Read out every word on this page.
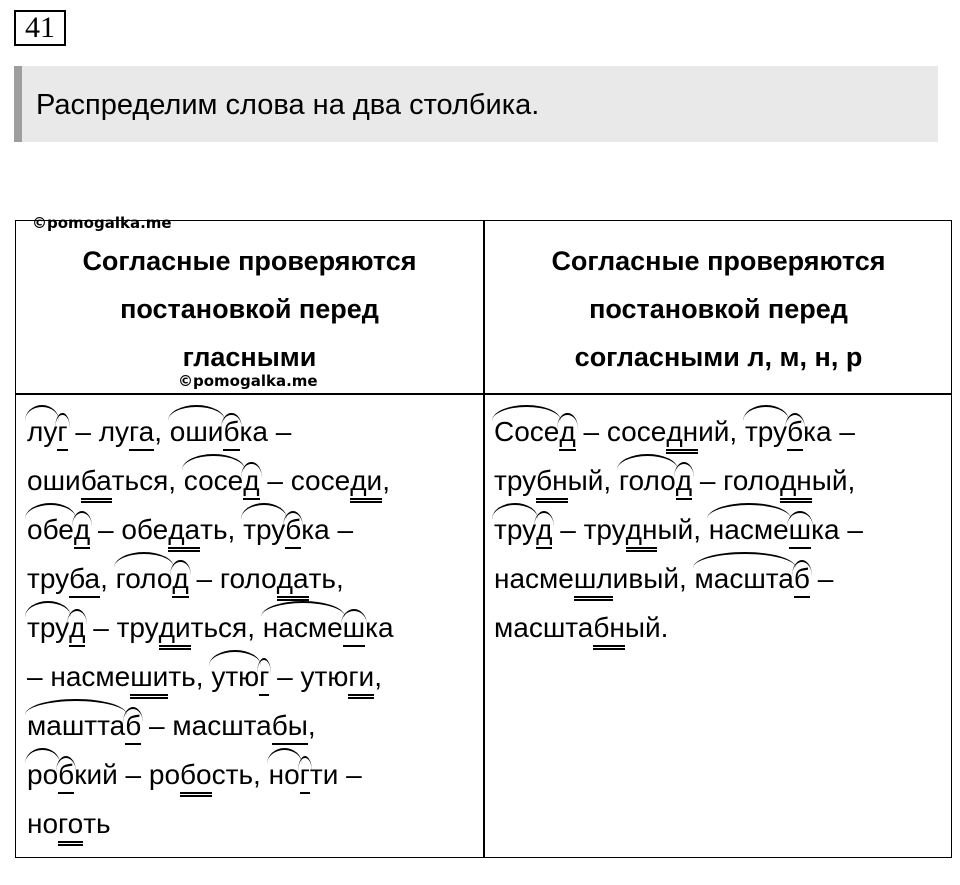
41
Распределим слова на два столбика.
©pomogalka.me
©pomogalka.me
Согласные проверяются
постановкой перед
гласными
Согласные проверяются
постановкой перед
согласными л, м, н, р
луг – луга, ошибка –
ошибаться, сосед – соседи,
обед – обедать, трубка –
труба, голод – голодать,
труд – трудиться, насмешка
– насмешить, утюг – утюги,
машттаб – масштабы,
робкий – робость, ногти –
ноготь
Сосед – соседний, трубка –
трубный, голод – голодный,
труд – трудный, насмешка –
насмешливый, масштаб –
масштабный.
